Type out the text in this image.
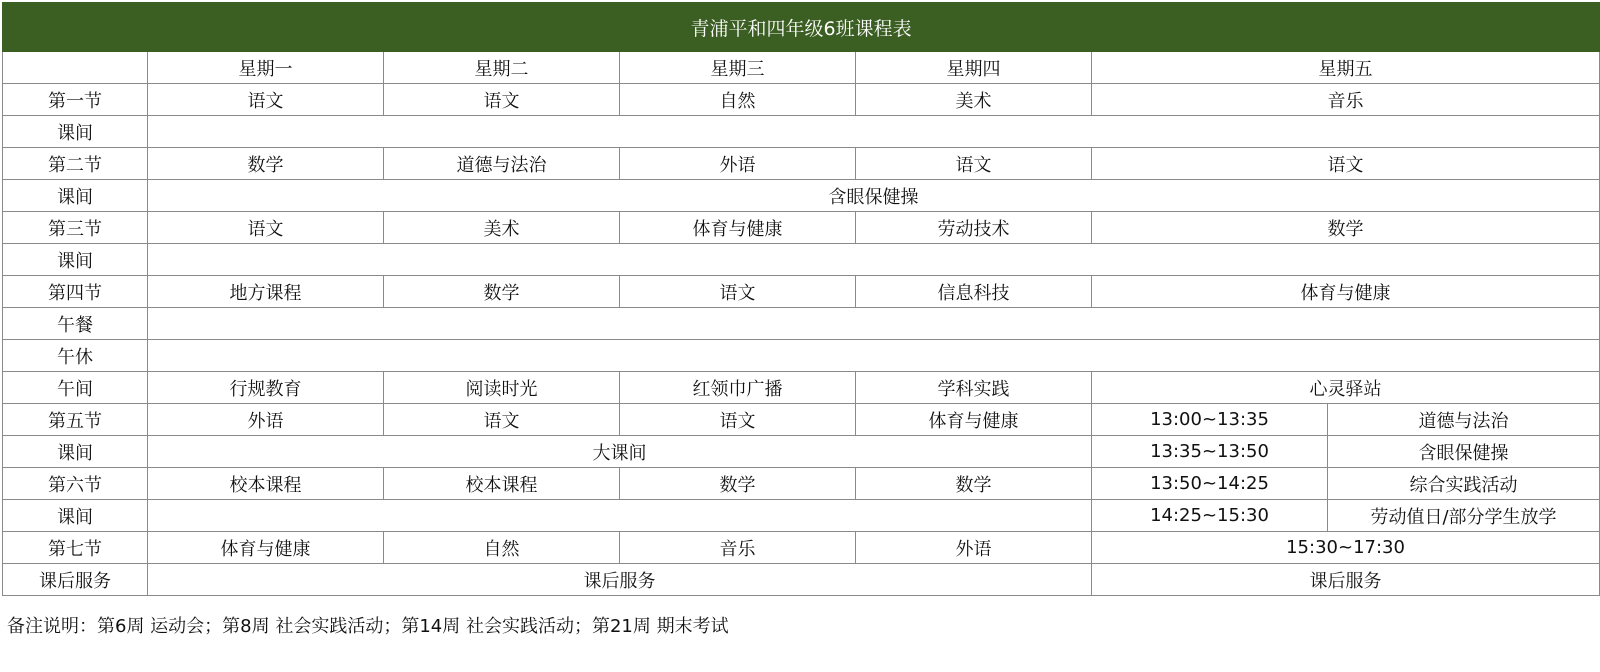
青浦平和四年级6班课程表						
	星期一	星期二	星期三	星期四	星期五	
第一节	语文	语文	自然	美术	音乐	
课间						
第二节	数学	道德与法治	外语	语文	语文	
课间	含眼保健操					
第三节	语文	美术	体育与健康	劳动技术	数学	
课间						
第四节	地方课程	数学	语文	信息科技	体育与健康	
午餐						
午休						
午间	行规教育	阅读时光	红领巾广播	学科实践	心灵驿站	
第五节	外语	语文	语文	体育与健康	13:00~13:35	道德与法治
课间	大课间				13:35~13:50	含眼保健操
第六节	校本课程	校本课程	数学	数学	13:50~14:25	综合实践活动
课间					14:25~15:30	劳动值日/部分学生放学
第七节	体育与健康	自然	音乐	外语	15:30~17:30	
课后服务	课后服务				课后服务	
备注说明：第6周 运动会；第8周 社会实践活动；第14周 社会实践活动；第21周 期末考试
